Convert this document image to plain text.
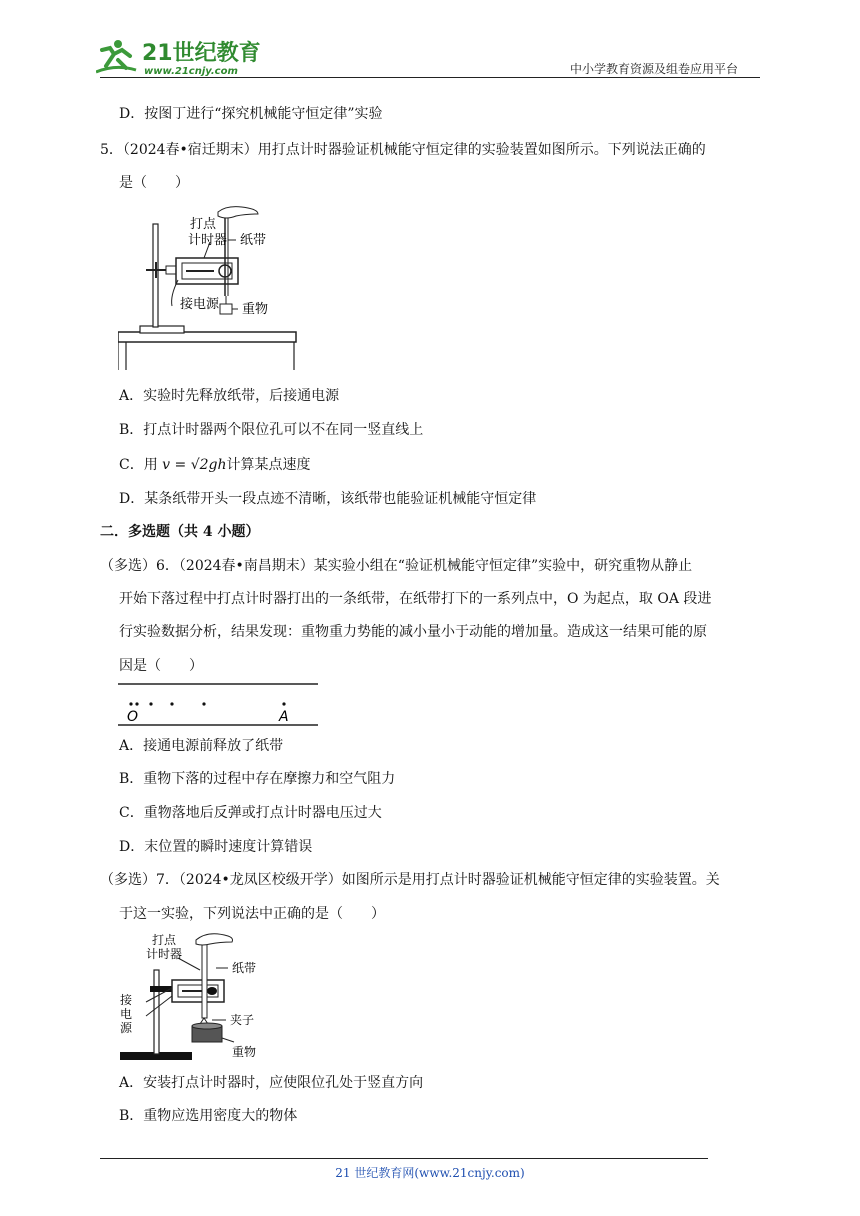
21世纪教育
www.21cnjy.com	中小学教育资源及组卷应用平台
D．按图丁进行“探究机械能守恒定律”实验
5．（2024春•宿迁期末）用打点计时器验证机械能守恒定律的实验装置如图所示。下列说法正确的
是（　　）
打点
计时器 纸带
接电源 重物
A．实验时先释放纸带，后接通电源
B．打点计时器两个限位孔可以不在同一竖直线上
C．用 v = √2gh计算某点速度
D．某条纸带开头一段点迹不清晰，该纸带也能验证机械能守恒定律
二．多选题（共 4 小题）
（多选）6．（2024春•南昌期末）某实验小组在“验证机械能守恒定律”实验中，研究重物从静止
开始下落过程中打点计时器打出的一条纸带，在纸带打下的一系列点中，O 为起点，取 OA 段进
行实验数据分析，结果发现：重物重力势能的减小量小于动能的增加量。造成这一结果可能的原
因是（　　）
O	A
A．接通电源前释放了纸带
B．重物下落的过程中存在摩擦力和空气阻力
C．重物落地后反弹或打点计时器电压过大
D．末位置的瞬时速度计算错误
（多选）7．（2024•龙凤区校级开学）如图所示是用打点计时器验证机械能守恒定律的实验装置。关
于这一实验，下列说法中正确的是（　　）
打点
计时器
纸带
接
电
源
夹子
重物
A．安装打点计时器时，应使限位孔处于竖直方向
B．重物应选用密度大的物体
21 世纪教育网(www.21cnjy.com)
